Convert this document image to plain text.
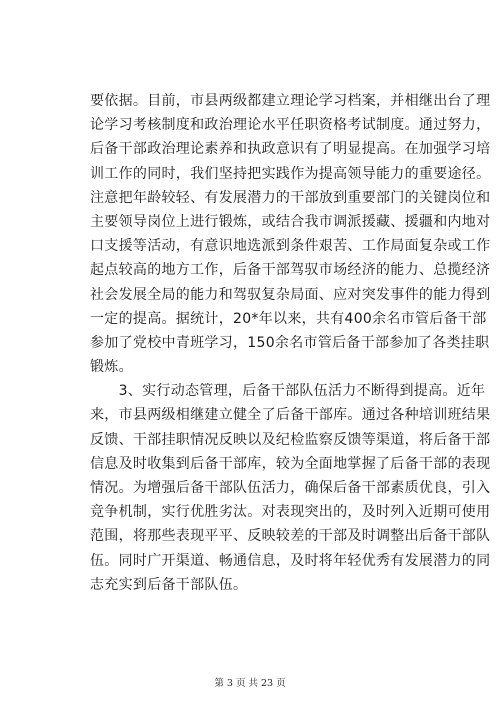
要依据。目前，市县两级都建立理论学习档案，并相继出台了理
论学习考核制度和政治理论水平任职资格考试制度。通过努力，
后备干部政治理论素养和执政意识有了明显提高。在加强学习培
训工作的同时，我们坚持把实践作为提高领导能力的重要途径。
注意把年龄较轻、有发展潜力的干部放到重要部门的关键岗位和
主要领导岗位上进行锻炼，或结合我市调派援藏、援疆和内地对
口支援等活动，有意识地选派到条件艰苦、工作局面复杂或工作
起点较高的地方工作，后备干部驾驭市场经济的能力、总揽经济
社会发展全局的能力和驾驭复杂局面、应对突发事件的能力得到
一定的提高。据统计，20*年以来，共有400余名市管后备干部
参加了党校中青班学习，150余名市管后备干部参加了各类挂职
锻炼。
　　3、实行动态管理，后备干部队伍活力不断得到提高。近年
来，市县两级相继建立健全了后备干部库。通过各种培训班结果
反馈、干部挂职情况反映以及纪检监察反馈等渠道，将后备干部
信息及时收集到后备干部库，较为全面地掌握了后备干部的表现
情况。为增强后备干部队伍活力，确保后备干部素质优良，引入
竞争机制，实行优胜劣汰。对表现突出的，及时列入近期可使用
范围，将那些表现平平、反映较差的干部及时调整出后备干部队
伍。同时广开渠道、畅通信息，及时将年轻优秀有发展潜力的同
志充实到后备干部队伍。
第 3 页 共 23 页
